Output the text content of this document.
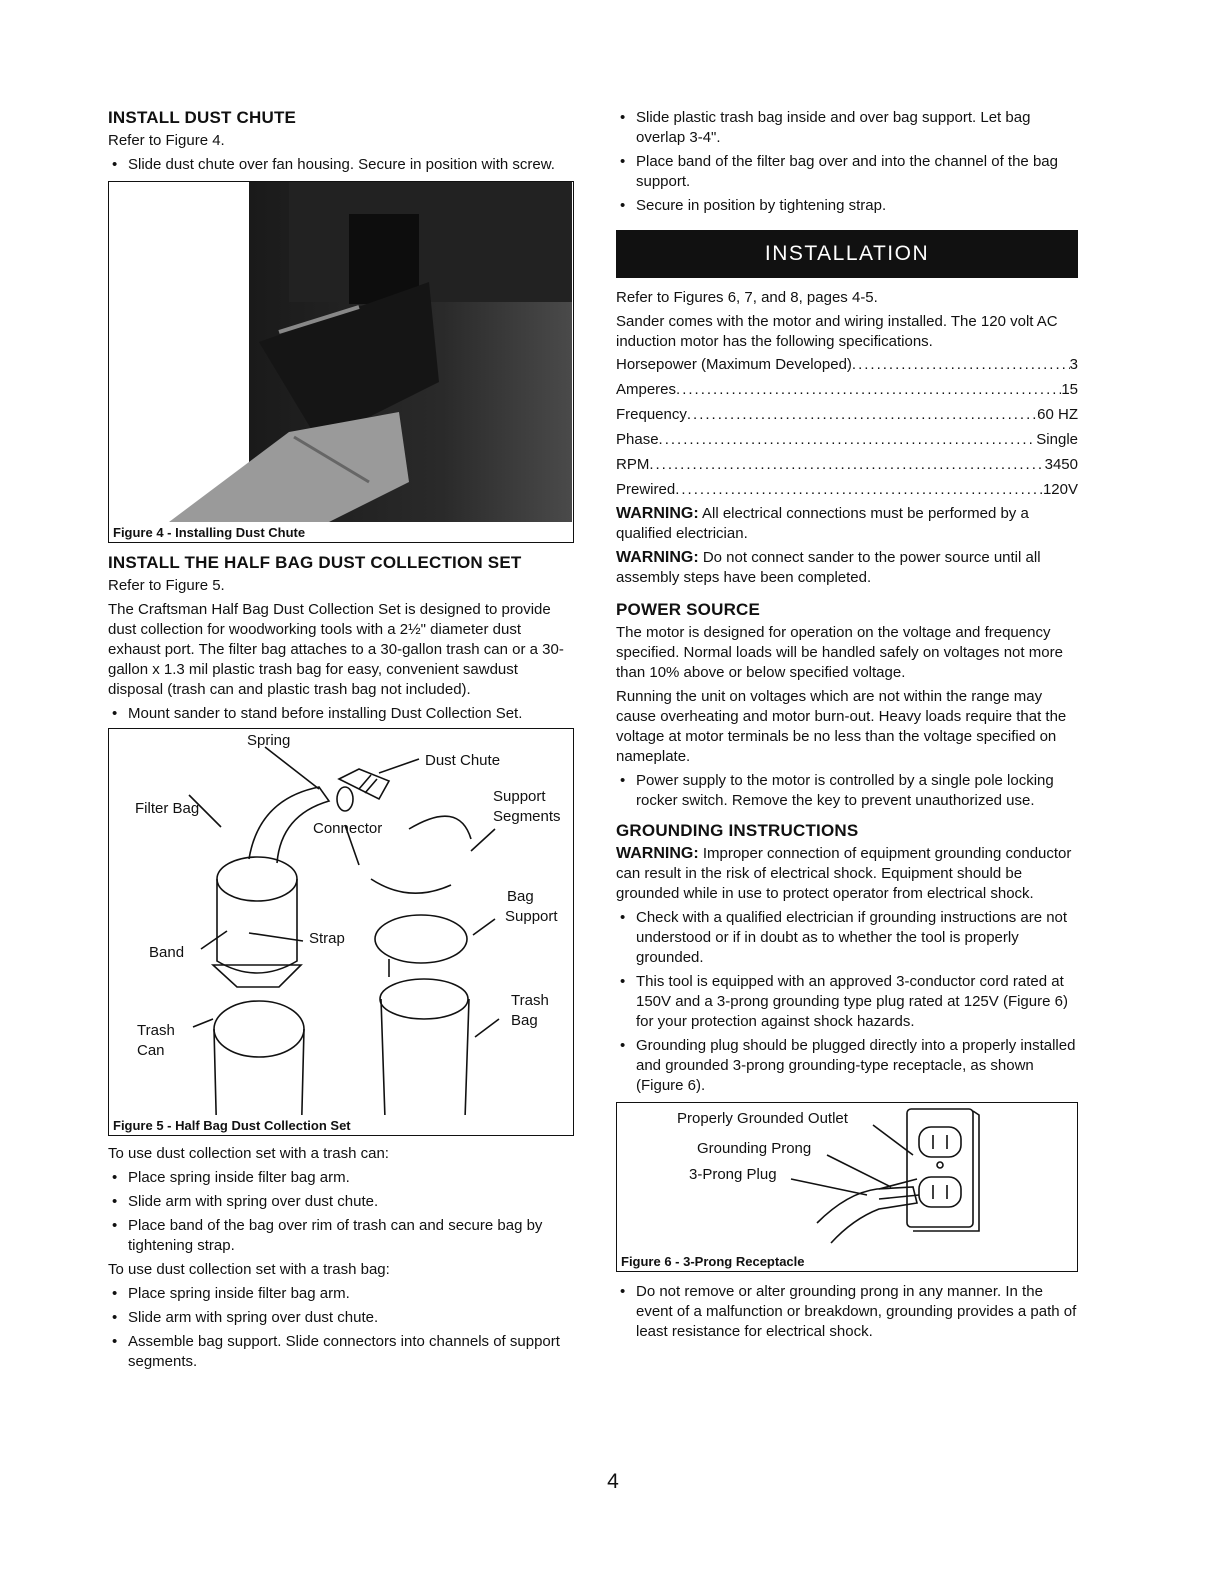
INSTALL DUST CHUTE

Refer to Figure 4.

• Slide dust chute over fan housing. Secure in position with screw.
Figure 4 - Installing Dust Chute
INSTALL THE HALF BAG DUST COLLECTION SET

Refer to Figure 5.

The Craftsman Half Bag Dust Collection Set is designed to provide dust collection for woodworking tools with a 2½" diameter dust exhaust port. The filter bag attaches to a 30-gallon trash can or a 30-gallon x 1.3 mil plastic trash bag for easy, convenient sawdust disposal (trash can and plastic trash bag not included).

• Mount sander to stand before installing Dust Collection Set.
Spring
Dust Chute
Support
Segments
Filter Bag
Connector
Bag
Support
Band
Strap
Trash
Bag
Trash
Can
Figure 5 - Half Bag Dust Collection Set

To use dust collection set with a trash can:

• Place spring inside filter bag arm.
• Slide arm with spring over dust chute.
• Place band of the bag over rim of trash can and secure bag by tightening strap.

To use dust collection set with a trash bag:

• Place spring inside filter bag arm.
• Slide arm with spring over dust chute.
• Assemble bag support. Slide connectors into channels of support segments.
• Slide plastic trash bag inside and over bag support. Let bag overlap 3-4".
• Place band of the filter bag over and into the channel of the bag support.
• Secure in position by tightening strap.
INSTALLATION

Refer to Figures 6, 7, and 8, pages 4-5.

Sander comes with the motor and wiring installed. The 120 volt AC induction motor has the following specifications.

Horsepower (Maximum Developed) .....	3
Amperes .....	15
Frequency .....	60 HZ
Phase .....	Single
RPM .....	3450
Prewired .....	120V

WARNING: All electrical connections must be performed by a qualified electrician.

WARNING: Do not connect sander to the power source until all assembly steps have been completed.

POWER SOURCE

The motor is designed for operation on the voltage and frequency specified. Normal loads will be handled safely on voltages not more than 10% above or below specified voltage.

Running the unit on voltages which are not within the range may cause overheating and motor burn-out. Heavy loads require that the voltage at motor terminals be no less than the voltage specified on nameplate.

• Power supply to the motor is controlled by a single pole locking rocker switch. Remove the key to prevent unauthorized use.
GROUNDING INSTRUCTIONS

WARNING: Improper connection of equipment grounding conductor can result in the risk of electrical shock. Equipment should be grounded while in use to protect operator from electrical shock.

• Check with a qualified electrician if grounding instructions are not understood or if in doubt as to whether the tool is properly grounded.
• This tool is equipped with an approved 3-conductor cord rated at 150V and a 3-prong grounding type plug rated at 125V (Figure 6) for your protection against shock hazards.
• Grounding plug should be plugged directly into a properly installed and grounded 3-prong grounding-type receptacle, as shown (Figure 6).
Properly Grounded Outlet
Grounding Prong
3-Prong Plug
Figure 6 - 3-Prong Receptacle
• Do not remove or alter grounding prong in any manner. In the event of a malfunction or breakdown, grounding provides a path of least resistance for electrical shock.
4
